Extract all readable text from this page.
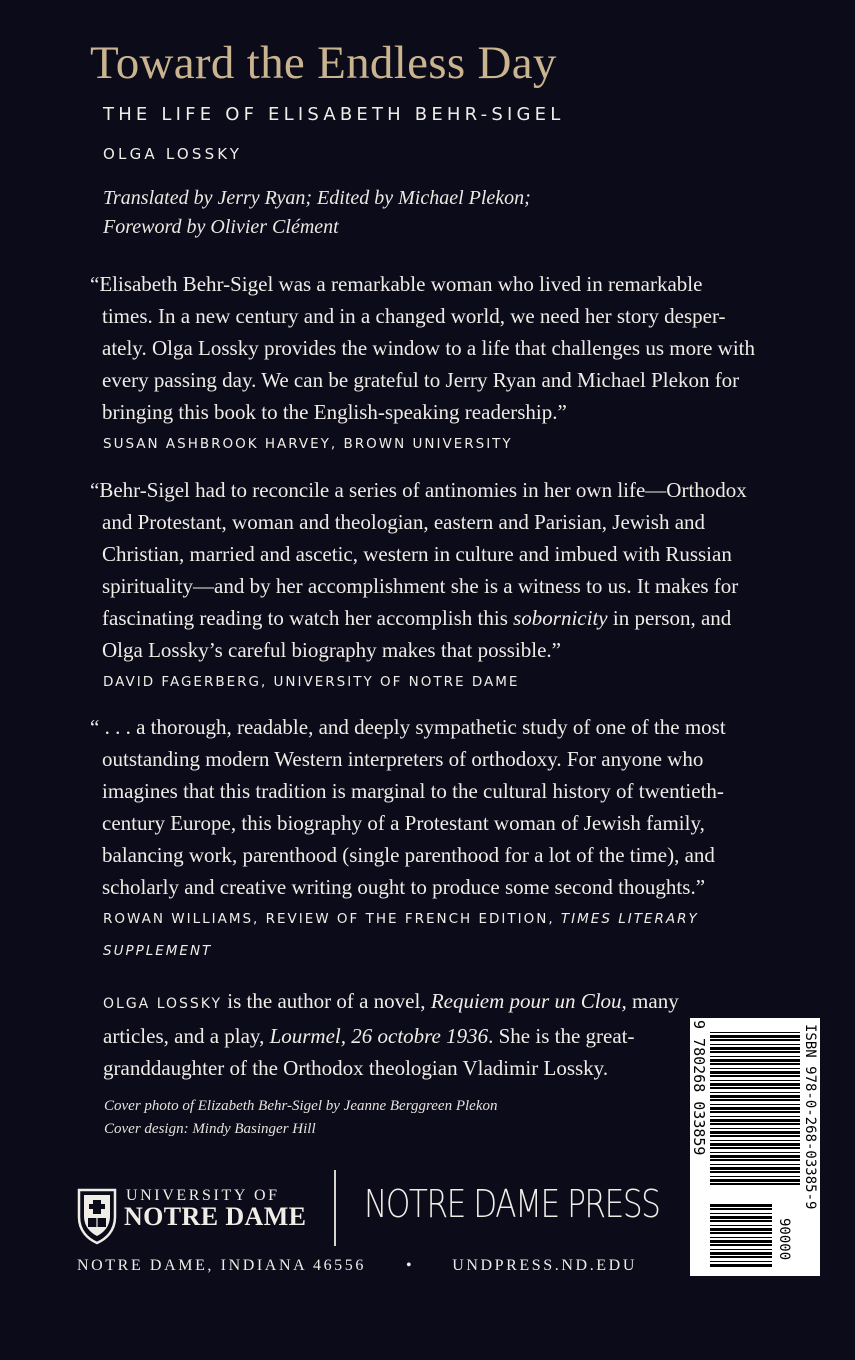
Toward the Endless Day
THE LIFE OF ELISABETH BEHR-SIGEL
OLGA LOSSKY
Translated by Jerry Ryan; Edited by Michael Plekon;
Foreword by Olivier Clément
“Elisabeth Behr-Sigel was a remarkable woman who lived in remarkable
times. In a new century and in a changed world, we need her story desper-
ately. Olga Lossky provides the window to a life that challenges us more with
every passing day. We can be grateful to Jerry Ryan and Michael Plekon for
bringing this book to the English-speaking readership.”
SUSAN ASHBROOK HARVEY, BROWN UNIVERSITY
“Behr-Sigel had to reconcile a series of antinomies in her own life—Orthodox
and Protestant, woman and theologian, eastern and Parisian, Jewish and
Christian, married and ascetic, western in culture and imbued with Russian
spirituality—and by her accomplishment she is a witness to us. It makes for
fascinating reading to watch her accomplish this sobornicity in person, and
Olga Lossky’s careful biography makes that possible.”
DAVID FAGERBERG, UNIVERSITY OF NOTRE DAME
“ . . . a thorough, readable, and deeply sympathetic study of one of the most
outstanding modern Western interpreters of orthodoxy. For anyone who
imagines that this tradition is marginal to the cultural history of twentieth-
century Europe, this biography of a Protestant woman of Jewish family,
balancing work, parenthood (single parenthood for a lot of the time), and
scholarly and creative writing ought to produce some second thoughts.”
ROWAN WILLIAMS, REVIEW OF THE FRENCH EDITION, TIMES LITERARY
SUPPLEMENT
OLGA LOSSKY is the author of a novel, Requiem pour un Clou, many
articles, and a play, Lourmel, 26 octobre 1936. She is the great-
granddaughter of the Orthodox theologian Vladimir Lossky.
Cover photo of Elizabeth Behr-Sigel by Jeanne Berggreen Plekon
Cover design: Mindy Basinger Hill
UNIVERSITY OF
NOTRE DAME NOTRE DAME PRESS
NOTRE DAME, INDIANA 46556	• UNDPRESS.ND.EDU
ISBN 978-0-268-03385-9
9 780268 033859
90000
